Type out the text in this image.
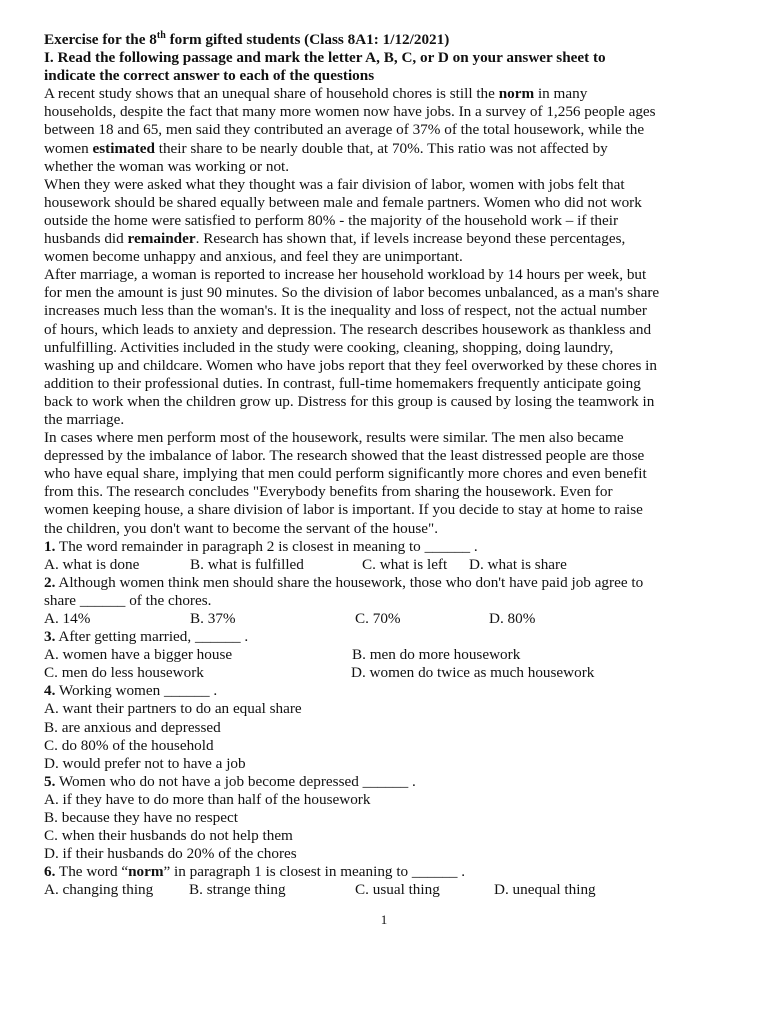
Exercise for the 8th form gifted students (Class 8A1: 1/12/2021)
I. Read the following passage and mark the letter A, B, C, or D on your answer sheet to
indicate the correct answer to each of the questions
A recent study shows that an unequal share of household chores is still the norm in many
households, despite the fact that many more women now have jobs. In a survey of 1,256 people ages
between 18 and 65, men said they contributed an average of 37% of the total housework, while the
women estimated their share to be nearly double that, at 70%. This ratio was not affected by
whether the woman was working or not.
When they were asked what they thought was a fair division of labor, women with jobs felt that
housework should be shared equally between male and female partners. Women who did not work
outside the home were satisfied to perform 80% - the majority of the household work – if their
husbands did remainder. Research has shown that, if levels increase beyond these percentages,
women become unhappy and anxious, and feel they are unimportant.
After marriage, a woman is reported to increase her household workload by 14 hours per week, but
for men the amount is just 90 minutes. So the division of labor becomes unbalanced, as a man's share
increases much less than the woman's. It is the inequality and loss of respect, not the actual number
of hours, which leads to anxiety and depression. The research describes housework as thankless and
unfulfilling. Activities included in the study were cooking, cleaning, shopping, doing laundry,
washing up and childcare. Women who have jobs report that they feel overworked by these chores in
addition to their professional duties. In contrast, full-time homemakers frequently anticipate going
back to work when the children grow up. Distress for this group is caused by losing the teamwork in
the marriage.
In cases where men perform most of the housework, results were similar. The men also became
depressed by the imbalance of labor. The research showed that the least distressed people are those
who have equal share, implying that men could perform significantly more chores and even benefit
from this. The research concludes "Everybody benefits from sharing the housework. Even for
women keeping house, a share division of labor is important. If you decide to stay at home to raise
the children, you don't want to become the servant of the house".
1. The word remainder in paragraph 2 is closest in meaning to ______ .
A. what is done	B. what is fulfilled	C. what is left D. what is share
2. Although women think men should share the housework, those who don't have paid job agree to
share ______ of the chores.
A. 14%	B. 37%	C. 70%	D. 80%
3. After getting married, ______ .
A. women have a bigger house	B. men do more housework
C. men do less housework	D. women do twice as much housework
4. Working women ______ .
A. want their partners to do an equal share
B. are anxious and depressed
C. do 80% of the household
D. would prefer not to have a job
5. Women who do not have a job become depressed ______ .
A. if they have to do more than half of the housework
B. because they have no respect
C. when their husbands do not help them
D. if their husbands do 20% of the chores
6. The word “norm” in paragraph 1 is closest in meaning to ______ .
A. changing thing B. strange thing	C. usual thing	D. unequal thing
1
